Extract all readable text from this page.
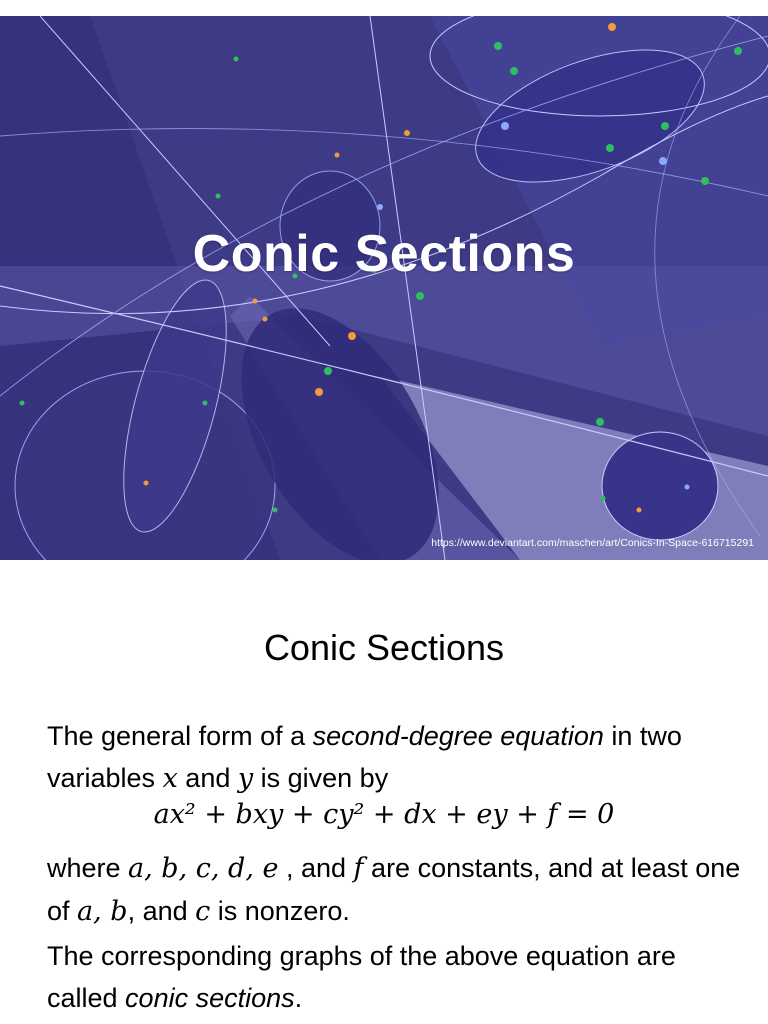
Conic Sections
https://www.deviantart.com/maschen/art/Conics-In-Space-616715291
Conic Sections
The general form of a second-degree equation in two variables x and y is given by
ax² + bxy + cy² + dx + ey + f = 0
where a, b, c, d, e , and f are constants, and at least one of a, b, and c is nonzero.
The corresponding graphs of the above equation are called conic sections.
